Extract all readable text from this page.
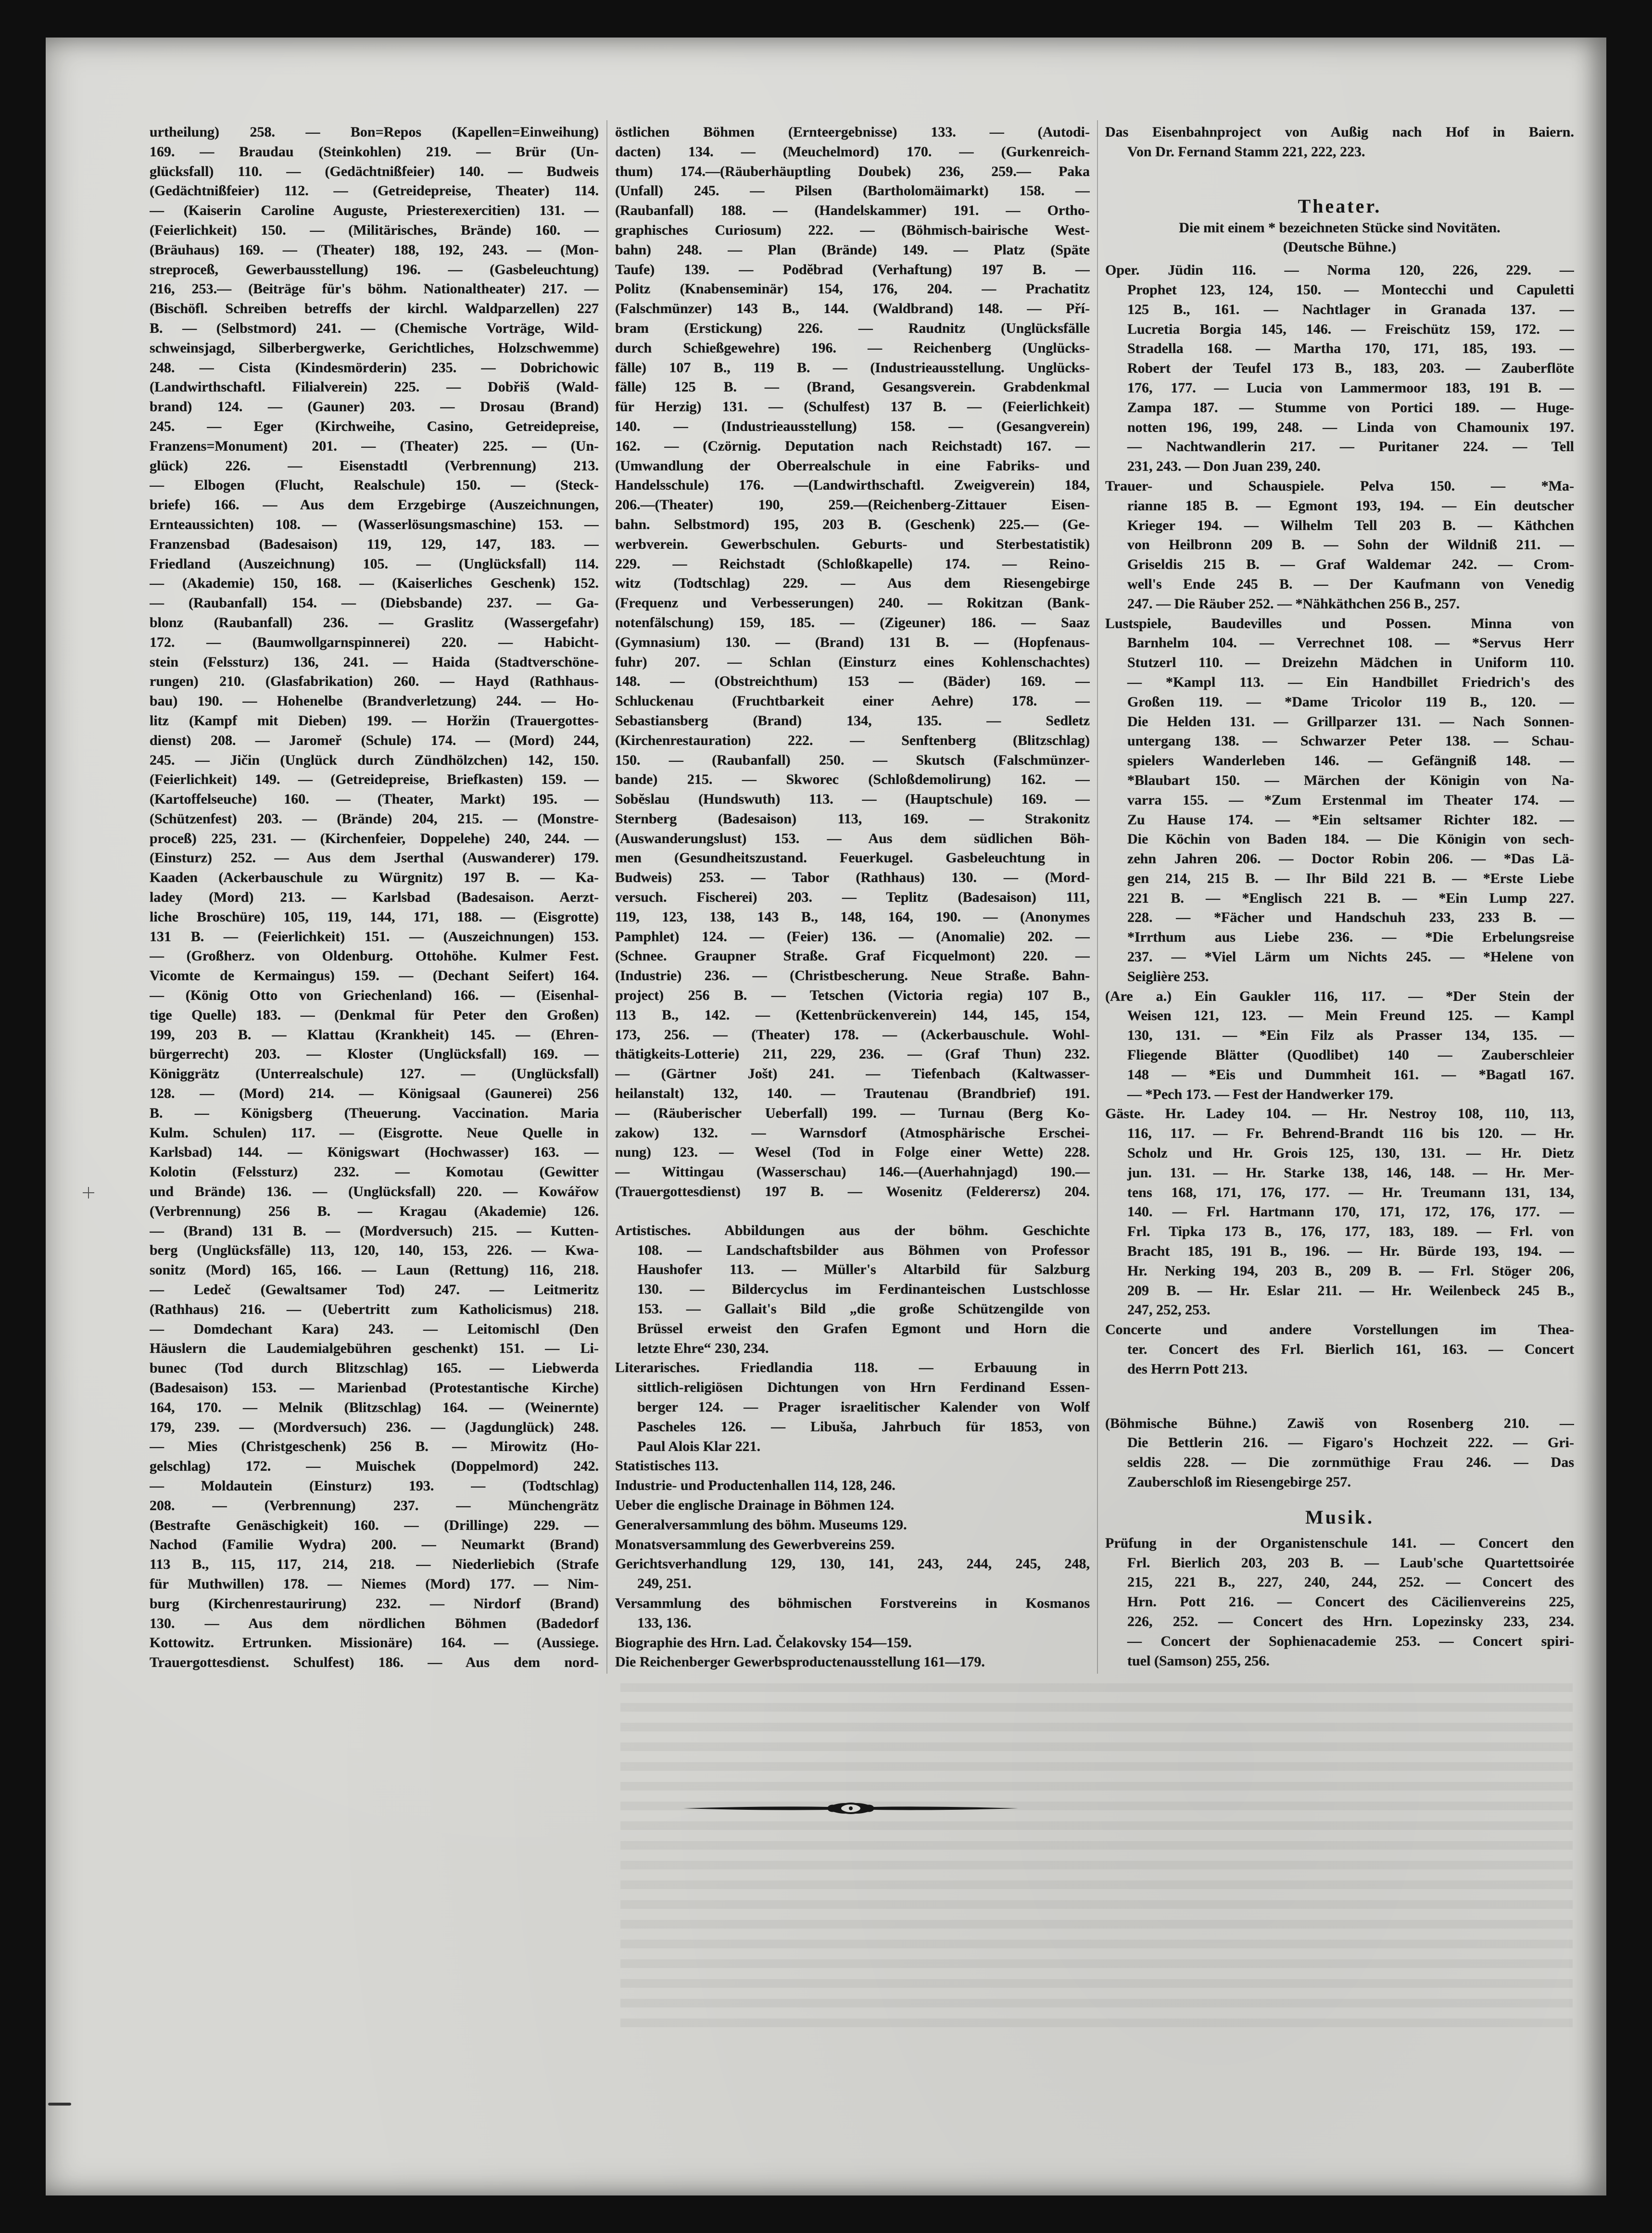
urtheilung) 258. — Bon=Repos (Kapellen=Einweihung)
169. — Braudau (Steinkohlen) 219. — Brür (Un-
glücksfall) 110. — (Gedächtnißfeier) 140. — Budweis
(Gedächtnißfeier) 112. — (Getreidepreise, Theater) 114.
— (Kaiserin Caroline Auguste, Priesterexercitien) 131. —
(Feierlichkeit) 150. — (Militärisches, Brände) 160. —
(Bräuhaus) 169. — (Theater) 188, 192, 243. — (Mon-
streproceß, Gewerbausstellung) 196. — (Gasbeleuchtung)
216, 253.— (Beiträge für's böhm. Nationaltheater) 217. —
(Bischöfl. Schreiben betreffs der kirchl. Waldparzellen) 227
B. — (Selbstmord) 241. — (Chemische Vorträge, Wild-
schweinsjagd, Silberbergwerke, Gerichtliches, Holzschwemme)
248. — Cista (Kindesmörderin) 235. — Dobrichowic
(Landwirthschaftl. Filialverein) 225. — Dobřiš (Wald-
brand) 124. — (Gauner) 203. — Drosau (Brand)
245. — Eger (Kirchweihe, Casino, Getreidepreise,
Franzens=Monument) 201. — (Theater) 225. — (Un-
glück) 226. — Eisenstadtl (Verbrennung) 213.
— Elbogen (Flucht, Realschule) 150. — (Steck-
briefe) 166. — Aus dem Erzgebirge (Auszeichnungen,
Ernteaussichten) 108. — (Wasserlösungsmaschine) 153. —
Franzensbad (Badesaison) 119, 129, 147, 183. —
Friedland (Auszeichnung) 105. — (Unglücksfall) 114.
— (Akademie) 150, 168. — (Kaiserliches Geschenk) 152.
— (Raubanfall) 154. — (Diebsbande) 237. — Ga-
blonz (Raubanfall) 236. — Graslitz (Wassergefahr)
172. — (Baumwollgarnspinnerei) 220. — Habicht-
stein (Felssturz) 136, 241. — Haida (Stadtverschöne-
rungen) 210. (Glasfabrikation) 260. — Hayd (Rathhaus-
bau) 190. — Hohenelbe (Brandverletzung) 244. — Ho-
litz (Kampf mit Dieben) 199. — Horžin (Trauergottes-
dienst) 208. — Jaromeř (Schule) 174. — (Mord) 244,
245. — Jičin (Unglück durch Zündhölzchen) 142, 150.
(Feierlichkeit) 149. — (Getreidepreise, Briefkasten) 159. —
(Kartoffelseuche) 160. — (Theater, Markt) 195. —
(Schützenfest) 203. — (Brände) 204, 215. — (Monstre-
proceß) 225, 231. — (Kirchenfeier, Doppelehe) 240, 244. —
(Einsturz) 252. — Aus dem Jserthal (Auswanderer) 179.
Kaaden (Ackerbauschule zu Würgnitz) 197 B. — Ka-
ladey (Mord) 213. — Karlsbad (Badesaison. Aerzt-
liche Broschüre) 105, 119, 144, 171, 188. — (Eisgrotte)
131 B. — (Feierlichkeit) 151. — (Auszeichnungen) 153.
— (Großherz. von Oldenburg. Ottohöhe. Kulmer Fest.
Vicomte de Kermaingus) 159. — (Dechant Seifert) 164.
— (König Otto von Griechenland) 166. — (Eisenhal-
tige Quelle) 183. — (Denkmal für Peter den Großen)
199, 203 B. — Klattau (Krankheit) 145. — (Ehren-
bürgerrecht) 203. — Kloster (Unglücksfall) 169. —
Königgrätz (Unterrealschule) 127. — (Unglücksfall)
128. — (Mord) 214. — Königsaal (Gaunerei) 256
B. — Königsberg (Theuerung. Vaccination. Maria
Kulm. Schulen) 117. — (Eisgrotte. Neue Quelle in
Karlsbad) 144. — Königswart (Hochwasser) 163. —
Kolotin (Felssturz) 232. — Komotau (Gewitter
und Brände) 136. — (Unglücksfall) 220. — Kowářow
(Verbrennung) 256 B. — Kragau (Akademie) 126.
— (Brand) 131 B. — (Mordversuch) 215. — Kutten-
berg (Unglücksfälle) 113, 120, 140, 153, 226. — Kwa-
sonitz (Mord) 165, 166. — Laun (Rettung) 116, 218.
— Ledeč (Gewaltsamer Tod) 247. — Leitmeritz
(Rathhaus) 216. — (Uebertritt zum Katholicismus) 218.
— Domdechant Kara) 243. — Leitomischl (Den
Häuslern die Laudemialgebühren geschenkt) 151. — Li-
bunec (Tod durch Blitzschlag) 165. — Liebwerda
(Badesaison) 153. — Marienbad (Protestantische Kirche)
164, 170. — Melnik (Blitzschlag) 164. — (Weinernte)
179, 239. — (Mordversuch) 236. — (Jagdunglück) 248.
— Mies (Christgeschenk) 256 B. — Mirowitz (Ho-
gelschlag) 172. — Muischek (Doppelmord) 242.
— Moldautein (Einsturz) 193. — (Todtschlag)
208. — (Verbrennung) 237. — Münchengrätz
(Bestrafte Genäschigkeit) 160. — (Drillinge) 229. —
Nachod (Familie Wydra) 200. — Neumarkt (Brand)
113 B., 115, 117, 214, 218. — Niederliebich (Strafe
für Muthwillen) 178. — Niemes (Mord) 177. — Nim-
burg (Kirchenrestaurirung) 232. — Nirdorf (Brand)
130. — Aus dem nördlichen Böhmen (Badedorf
Kottowitz. Ertrunken. Missionäre) 164. — (Aussiege.
Trauergottesdienst. Schulfest) 186. — Aus dem nord-
östlichen Böhmen (Ernteergebnisse) 133. — (Autodi-
dacten) 134. — (Meuchelmord) 170. — (Gurkenreich-
thum) 174.—(Räuberhäuptling Doubek) 236, 259.— Paka
(Unfall) 245. — Pilsen (Bartholomäimarkt) 158. —
(Raubanfall) 188. — (Handelskammer) 191. — Ortho-
graphisches Curiosum) 222. — (Böhmisch-bairische West-
bahn) 248. — Plan (Brände) 149. — Platz (Späte
Taufe) 139. — Podĕbrad (Verhaftung) 197 B. —
Politz (Knabenseminär) 154, 176, 204. — Prachatitz
(Falschmünzer) 143 B., 144. (Waldbrand) 148. — Pří-
bram (Erstickung) 226. — Raudnitz (Unglücksfälle
durch Schießgewehre) 196. — Reichenberg (Unglücks-
fälle) 107 B., 119 B. — (Industrieausstellung. Unglücks-
fälle) 125 B. — (Brand, Gesangsverein. Grabdenkmal
für Herzig) 131. — (Schulfest) 137 B. — (Feierlichkeit)
140. — (Industrieausstellung) 158. — (Gesangverein)
162. — (Czörnig. Deputation nach Reichstadt) 167. —
(Umwandlung der Oberrealschule in eine Fabriks- und
Handelsschule) 176. —(Landwirthschaftl. Zweigverein) 184,
206.—(Theater) 190, 259.—(Reichenberg-Zittauer Eisen-
bahn. Selbstmord) 195, 203 B. (Geschenk) 225.— (Ge-
werbverein. Gewerbschulen. Geburts- und Sterbestatistik)
229. — Reichstadt (Schloßkapelle) 174. — Reino-
witz (Todtschlag) 229. — Aus dem Riesengebirge
(Frequenz und Verbesserungen) 240. — Rokitzan (Bank-
notenfälschung) 159, 185. — (Zigeuner) 186. — Saaz
(Gymnasium) 130. — (Brand) 131 B. — (Hopfenaus-
fuhr) 207. — Schlan (Einsturz eines Kohlenschachtes)
148. — (Obstreichthum) 153 — (Bäder) 169. —
Schluckenau (Fruchtbarkeit einer Aehre) 178. —
Sebastiansberg (Brand) 134, 135. — Sedletz
(Kirchenrestauration) 222. — Senftenberg (Blitzschlag)
150. — (Raubanfall) 250. — Skutsch (Falschmünzer-
bande) 215. — Skworec (Schloßdemolirung) 162. —
Sobĕslau (Hundswuth) 113. — (Hauptschule) 169. —
Sternberg (Badesaison) 113, 169. — Strakonitz
(Auswanderungslust) 153. — Aus dem südlichen Böh-
men (Gesundheitszustand. Feuerkugel. Gasbeleuchtung in
Budweis) 253. — Tabor (Rathhaus) 130. — (Mord-
versuch. Fischerei) 203. — Teplitz (Badesaison) 111,
119, 123, 138, 143 B., 148, 164, 190. — (Anonymes
Pamphlet) 124. — (Feier) 136. — (Anomalie) 202. —
(Schnee. Graupner Straße. Graf Ficquelmont) 220. —
(Industrie) 236. — (Christbescherung. Neue Straße. Bahn-
project) 256 B. — Tetschen (Victoria regia) 107 B.,
113 B., 142. — (Kettenbrückenverein) 144, 145, 154,
173, 256. — (Theater) 178. — (Ackerbauschule. Wohl-
thätigkeits-Lotterie) 211, 229, 236. — (Graf Thun) 232.
— (Gärtner Jošt) 241. — Tiefenbach (Kaltwasser-
heilanstalt) 132, 140. — Trautenau (Brandbrief) 191.
— (Räuberischer Ueberfall) 199. — Turnau (Berg Ko-
zakow) 132. — Warnsdorf (Atmosphärische Erschei-
nung) 123. — Wesel (Tod in Folge einer Wette) 228.
— Wittingau (Wasserschau) 146.—(Auerhahnjagd) 190.—
(Trauergottesdienst) 197 B. — Wosenitz (Felderersz) 204.
Artistisches. Abbildungen aus der böhm. Geschichte
108. — Landschaftsbilder aus Böhmen von Professor
Haushofer 113. — Müller's Altarbild für Salzburg
130. — Bildercyclus im Ferdinanteischen Lustschlosse
153. — Gallait's Bild „die große Schützengilde von
Brüssel erweist den Grafen Egmont und Horn die
letzte Ehre“ 230, 234.
Literarisches. Friedlandia 118. — Erbauung in
sittlich-religiösen Dichtungen von Hrn Ferdinand Essen-
berger 124. — Prager israelitischer Kalender von Wolf
Pascheles 126. — Libuša, Jahrbuch für 1853, von
Paul Alois Klar 221.
Statistisches 113.
Industrie- und Productenhallen 114, 128, 246.
Ueber die englische Drainage in Böhmen 124.
Generalversammlung des böhm. Museums 129.
Monatsversammlung des Gewerbvereins 259.
Gerichtsverhandlung 129, 130, 141, 243, 244, 245, 248,
249, 251.
Versammlung des böhmischen Forstvereins in Kosmanos
133, 136.
Biographie des Hrn. Lad. Čelakovsky 154—159.
Die Reichenberger Gewerbsproductenausstellung 161—179.
Das Eisenbahnproject von Außig nach Hof in Baiern.
Von Dr. Fernand Stamm 221, 222, 223.
Theater.
Die mit einem * bezeichneten Stücke sind Novitäten.
(Deutsche Bühne.)
Oper. Jüdin 116. — Norma 120, 226, 229. —
Prophet 123, 124, 150. — Montecchi und Capuletti
125 B., 161. — Nachtlager in Granada 137. —
Lucretia Borgia 145, 146. — Freischütz 159, 172. —
Stradella 168. — Martha 170, 171, 185, 193. —
Robert der Teufel 173 B., 183, 203. — Zauberflöte
176, 177. — Lucia von Lammermoor 183, 191 B. —
Zampa 187. — Stumme von Portici 189. — Huge-
notten 196, 199, 248. — Linda von Chamounix 197.
— Nachtwandlerin 217. — Puritaner 224. — Tell
231, 243. — Don Juan 239, 240.
Trauer- und Schauspiele. Pelva 150. — *Ma-
rianne 185 B. — Egmont 193, 194. — Ein deutscher
Krieger 194. — Wilhelm Tell 203 B. — Käthchen
von Heilbronn 209 B. — Sohn der Wildniß 211. —
Griseldis 215 B. — Graf Waldemar 242. — Crom-
well's Ende 245 B. — Der Kaufmann von Venedig
247. — Die Räuber 252. — *Nähkäthchen 256 B., 257.
Lustspiele, Baudevilles und Possen. Minna von
Barnhelm 104. — Verrechnet 108. — *Servus Herr
Stutzerl 110. — Dreizehn Mädchen in Uniform 110.
— *Kampl 113. — Ein Handbillet Friedrich's des
Großen 119. — *Dame Tricolor 119 B., 120. —
Die Helden 131. — Grillparzer 131. — Nach Sonnen-
untergang 138. — Schwarzer Peter 138. — Schau-
spielers Wanderleben 146. — Gefängniß 148. —
*Blaubart 150. — Märchen der Königin von Na-
varra 155. — *Zum Erstenmal im Theater 174. —
Zu Hause 174. — *Ein seltsamer Richter 182. —
Die Köchin von Baden 184. — Die Königin von sech-
zehn Jahren 206. — Doctor Robin 206. — *Das Lä-
gen 214, 215 B. — Ihr Bild 221 B. — *Erste Liebe
221 B. — *Englisch 221 B. — *Ein Lump 227.
228. — *Fächer und Handschuh 233, 233 B. —
*Irrthum aus Liebe 236. — *Die Erbelungsreise
237. — *Viel Lärm um Nichts 245. — *Helene von
Seiglière 253.
(Are a.) Ein Gaukler 116, 117. — *Der Stein der
Weisen 121, 123. — Mein Freund 125. — Kampl
130, 131. — *Ein Filz als Prasser 134, 135. —
Fliegende Blätter (Quodlibet) 140 — Zauberschleier
148 — *Eis und Dummheit 161. — *Bagatl 167.
— *Pech 173. — Fest der Handwerker 179.
Gäste. Hr. Ladey 104. — Hr. Nestroy 108, 110, 113,
116, 117. — Fr. Behrend-Brandt 116 bis 120. — Hr.
Scholz und Hr. Grois 125, 130, 131. — Hr. Dietz
jun. 131. — Hr. Starke 138, 146, 148. — Hr. Mer-
tens 168, 171, 176, 177. — Hr. Treumann 131, 134,
140. — Frl. Hartmann 170, 171, 172, 176, 177. —
Frl. Tipka 173 B., 176, 177, 183, 189. — Frl. von
Bracht 185, 191 B., 196. — Hr. Bürde 193, 194. —
Hr. Nerking 194, 203 B., 209 B. — Frl. Stöger 206,
209 B. — Hr. Eslar 211. — Hr. Weilenbeck 245 B.,
247, 252, 253.
Concerte und andere Vorstellungen im Thea-
ter. Concert des Frl. Bierlich 161, 163. — Concert
des Herrn Pott 213.
(Böhmische Bühne.) Zawiš von Rosenberg 210. —
Die Bettlerin 216. — Figaro's Hochzeit 222. — Gri-
seldis 228. — Die zornmüthige Frau 246. — Das
Zauberschloß im Riesengebirge 257.
Musik.
Prüfung in der Organistenschule 141. — Concert den
Frl. Bierlich 203, 203 B. — Laub'sche Quartettsoirée
215, 221 B., 227, 240, 244, 252. — Concert des
Hrn. Pott 216. — Concert des Cäcilienvereins 225,
226, 252. — Concert des Hrn. Lopezinsky 233, 234.
— Concert der Sophienacademie 253. — Concert spiri-
tuel (Samson) 255, 256.
